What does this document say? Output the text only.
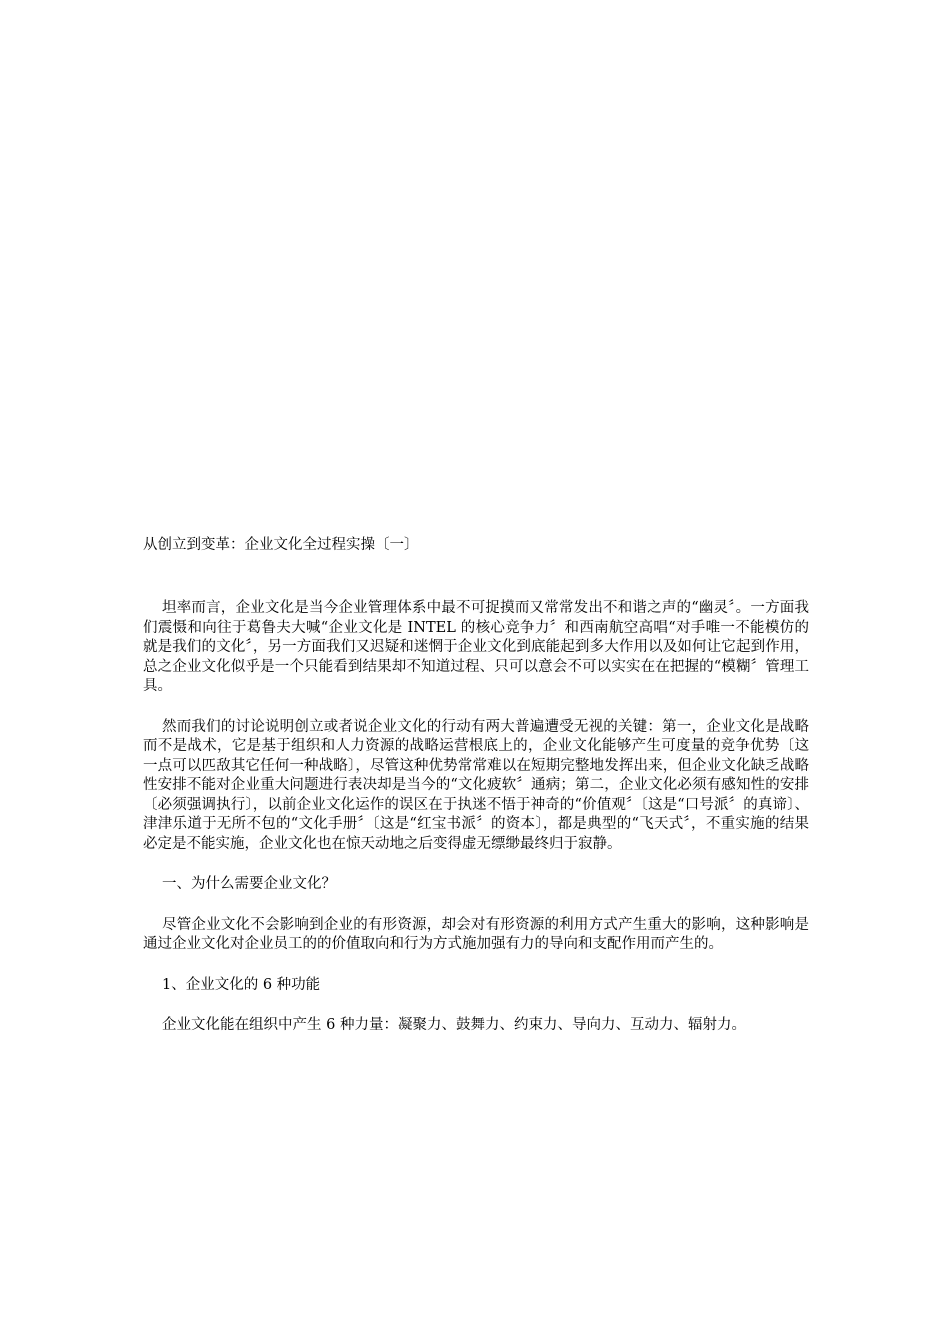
从创立到变革：企业文化全过程实操〔一〕

坦率而言，企业文化是当今企业管理体系中最不可捉摸而又常常发出不和谐之声的“幽灵〞。一方面我们震慑和向往于葛鲁夫大喊“企业文化是 INTEL 的核心竞争力〞和西南航空高唱“对手唯一不能模仿的就是我们的文化〞，另一方面我们又迟疑和迷惘于企业文化到底能起到多大作用以及如何让它起到作用，总之企业文化似乎是一个只能看到结果却不知道过程、只可以意会不可以实实在在把握的“模糊〞管理工具。

然而我们的讨论说明创立或者说企业文化的行动有两大普遍遭受无视的关键：第一，企业文化是战略而不是战术，它是基于组织和人力资源的战略运营根底上的，企业文化能够产生可度量的竞争优势〔这一点可以匹敌其它任何一种战略〕，尽管这种优势常常难以在短期完整地发挥出来，但企业文化缺乏战略性安排不能对企业重大问题进行表决却是当今的“文化疲软〞通病；第二，企业文化必须有感知性的安排〔必须强调执行〕，以前企业文化运作的误区在于执迷不悟于神奇的“价值观〞〔这是“口号派〞的真谛〕、津津乐道于无所不包的“文化手册〞〔这是“红宝书派〞的资本〕，都是典型的“飞天式〞，不重实施的结果必定是不能实施，企业文化也在惊天动地之后变得虚无缥缈最终归于寂静。

一、为什么需要企业文化？

尽管企业文化不会影响到企业的有形资源，却会对有形资源的利用方式产生重大的影响，这种影响是通过企业文化对企业员工的的价值取向和行为方式施加强有力的导向和支配作用而产生的。

1、企业文化的 6 种功能

企业文化能在组织中产生 6 种力量：凝聚力、鼓舞力、约束力、导向力、互动力、辐射力。
